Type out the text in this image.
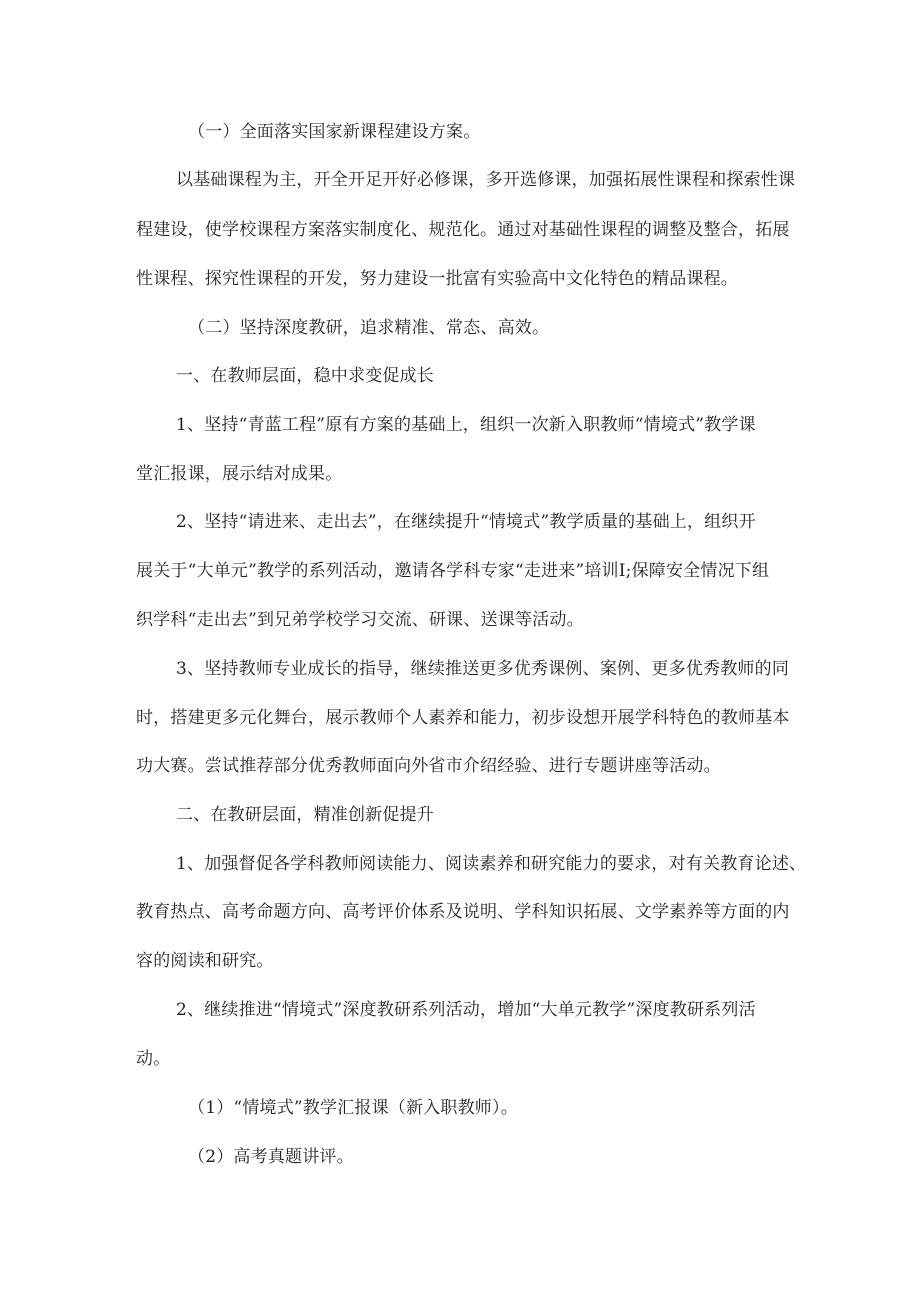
（一）全面落实国家新课程建设方案。
以基础课程为主，开全开足开好必修课，多开选修课，加强拓展性课程和探索性课
程建设，使学校课程方案落实制度化、规范化。通过对基础性课程的调整及整合，拓展
性课程、探究性课程的开发，努力建设一批富有实验高中文化特色的精品课程。
（二）坚持深度教研，追求精准、常态、高效。
一、在教师层面，稳中求变促成长
1、坚持“青蓝工程”原有方案的基础上，组织一次新入职教师“情境式”教学课
堂汇报课，展示结对成果。
2、坚持“请进来、走出去”，在继续提升“情境式”教学质量的基础上，组织开
展关于“大单元”教学的系列活动，邀请各学科专家“走进来”培训I;保障安全情况下组
织学科“走出去”到兄弟学校学习交流、研课、送课等活动。
3、坚持教师专业成长的指导，继续推送更多优秀课例、案例、更多优秀教师的同
时，搭建更多元化舞台，展示教师个人素养和能力，初步设想开展学科特色的教师基本
功大赛。尝试推荐部分优秀教师面向外省市介绍经验、进行专题讲座等活动。
二、在教研层面，精准创新促提升
1、加强督促各学科教师阅读能力、阅读素养和研究能力的要求，对有关教育论述、
教育热点、高考命题方向、高考评价体系及说明、学科知识拓展、文学素养等方面的内
容的阅读和研究。
2、继续推进“情境式”深度教研系列活动，增加“大单元教学”深度教研系列活
动。
（1）“情境式”教学汇报课（新入职教师）。
（2）高考真题讲评。
